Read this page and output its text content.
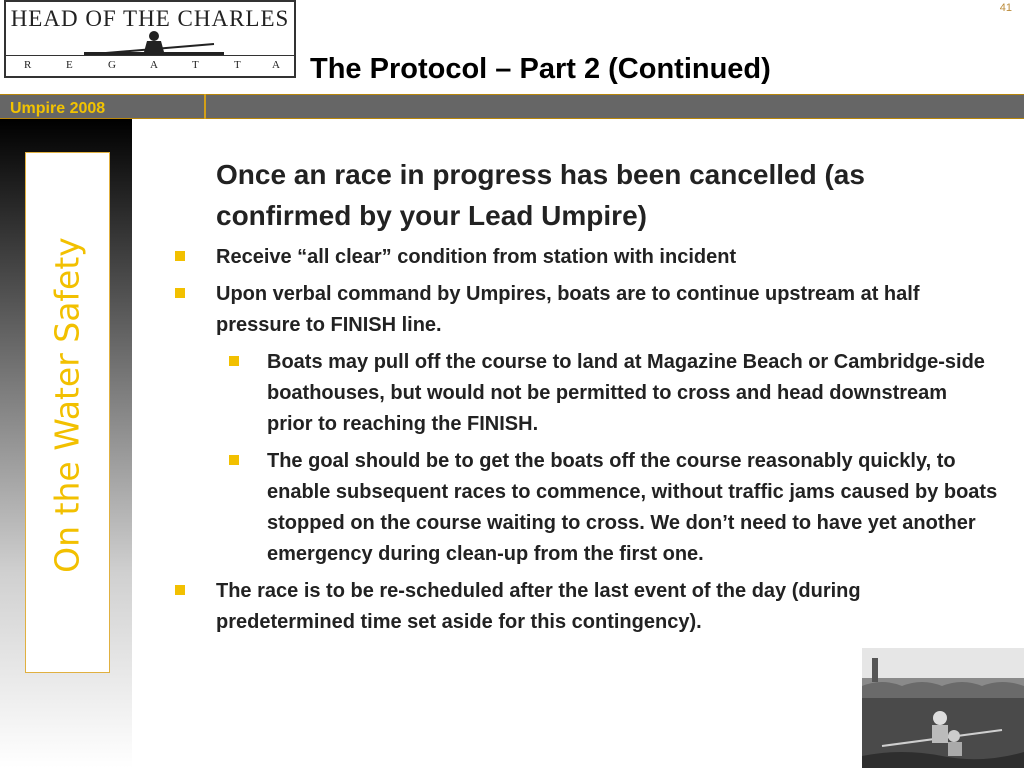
HEAD OF THE CHARLES
R	E	G	A	T	T	A
41
The Protocol – Part 2 (Continued)
Umpire 2008
On the Water Safety
Once an race in progress has been cancelled (as confirmed by your Lead Umpire)
Receive “all clear” condition from station with incident
Upon verbal command by Umpires, boats are to continue upstream at half pressure to FINISH line.
Boats may pull off the course to land at Magazine Beach or Cambridge-side boathouses, but would not be permitted to cross and head downstream prior to reaching the FINISH.
The goal should be to get the boats off the course reasonably quickly, to enable subsequent races to commence, without traffic jams caused by boats stopped on the course waiting to cross. We don’t need to have yet another emergency during clean-up from the first one.
The race is to be re-scheduled after the last event of the day (during predetermined time set aside for this contingency).
